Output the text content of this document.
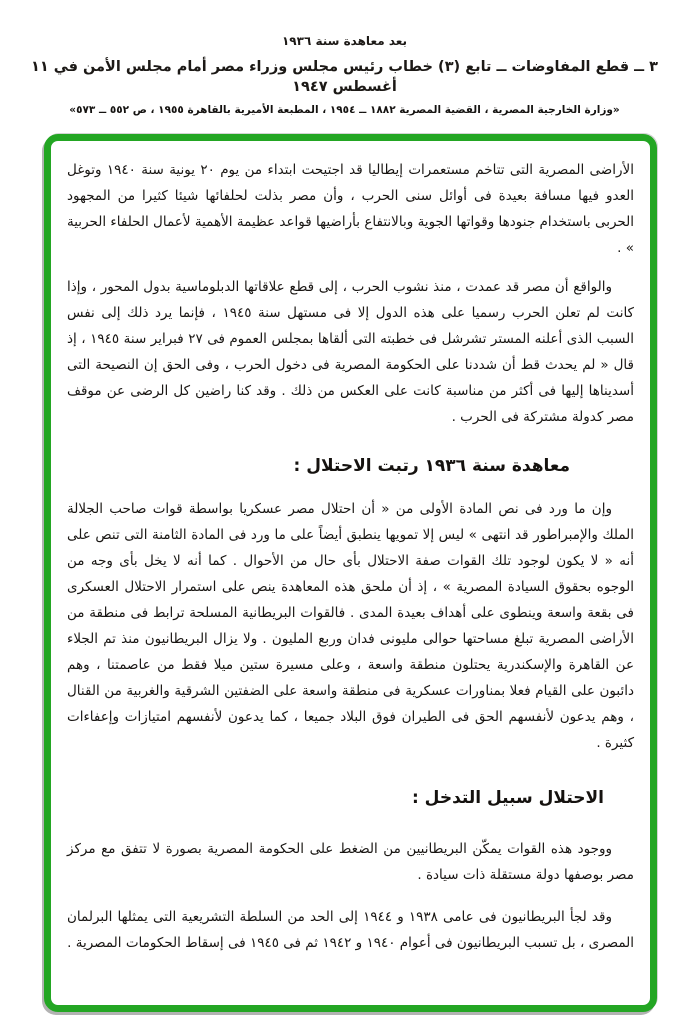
بعد معاهدة سنة ١٩٣٦
٣ ــ قطع المفاوضات ــ تابع (٣) خطاب رئيس مجلس وزراء مصر أمام مجلس الأمن في ١١ أغسطس ١٩٤٧
«وزارة الخارجية المصرية ، القضية المصرية ١٨٨٢ ــ ١٩٥٤ ، المطبعة الأميرية بالقاهرة ١٩٥٥ ، ص ٥٥٢ ــ ٥٧٣»

الأراضى المصرية التى تتاخم مستعمرات إيطاليا قد اجتيحت ابتداء من يوم ٢٠ يونية سنة ١٩٤٠ وتوغل العدو فيها مسافة بعيدة فى أوائل سنى الحرب ، وأن مصر بذلت لحلفائها شيئا كثيرا من المجهود الحربى باستخدام جنودها وقواتها الجوية وبالانتفاع بأراضيها قواعد عظيمة الأهمية لأعمال الحلفاء الحربية » .

والواقع أن مصر قد عمدت ، منذ نشوب الحرب ، إلى قطع علاقاتها الدبلوماسية بدول المحور ، وإذا كانت لم تعلن الحرب رسميا على هذه الدول إلا فى مستهل سنة ١٩٤٥ ، فإنما يرد ذلك إلى نفس السبب الذى أعلنه المستر تشرشل فى خطبته التى ألقاها بمجلس العموم فى ٢٧ فبراير سنة ١٩٤٥ ، إذ قال « لم يحدث قط أن شددنا على الحكومة المصرية فى دخول الحرب ، وفى الحق إن النصيحة التى أسديناها إليها فى أكثر من مناسبة كانت على العكس من ذلك . وقد كنا راضين كل الرضى عن موقف مصر كدولة مشتركة فى الحرب .

معاهدة سنة ١٩٣٦ رتبت الاحتلال :

وإن ما ورد فى نص المادة الأولى من « أن احتلال مصر عسكريا بواسطة قوات صاحب الجلالة الملك والإمبراطور قد انتهى » ليس إلا تمويها ينطبق أيضاً على ما ورد فى المادة الثامنة التى تنص على أنه « لا يكون لوجود تلك القوات صفة الاحتلال بأى حال من الأحوال . كما أنه لا يخل بأى وجه من الوجوه بحقوق السيادة المصرية » ، إذ أن ملحق هذه المعاهدة ينص على استمرار الاحتلال العسكرى فى بقعة واسعة وينطوى على أهداف بعيدة المدى . فالقوات البريطانية المسلحة ترابط فى منطقة من الأراضى المصرية تبلغ مساحتها حوالى مليونى فدان وربع المليون . ولا يزال البريطانيون منذ تم الجلاء عن القاهرة والإسكندرية يحتلون منطقة واسعة ، وعلى مسيرة ستين ميلا فقط من عاصمتنا ، وهم دائبون على القيام فعلا بمناورات عسكرية فى منطقة واسعة على الضفتين الشرقية والغربية من القنال ، وهم يدعون لأنفسهم الحق فى الطيران فوق البلاد جميعا ، كما يدعون لأنفسهم امتيازات وإعفاءات كثيرة .

الاحتلال سبيل التدخل :

ووجود هذه القوات يمكّن البريطانيين من الضغط على الحكومة المصرية بصورة لا تتفق مع مركز مصر بوصفها دولة مستقلة ذات سيادة .

وقد لجأ البريطانيون فى عامى ١٩٣٨ و ١٩٤٤ إلى الحد من السلطة التشريعية التى يمثلها البرلمان المصرى ، بل تسبب البريطانيون فى أعوام ١٩٤٠ و ١٩٤٢ ثم فى ١٩٤٥ فى إسقاط الحكومات المصرية .
